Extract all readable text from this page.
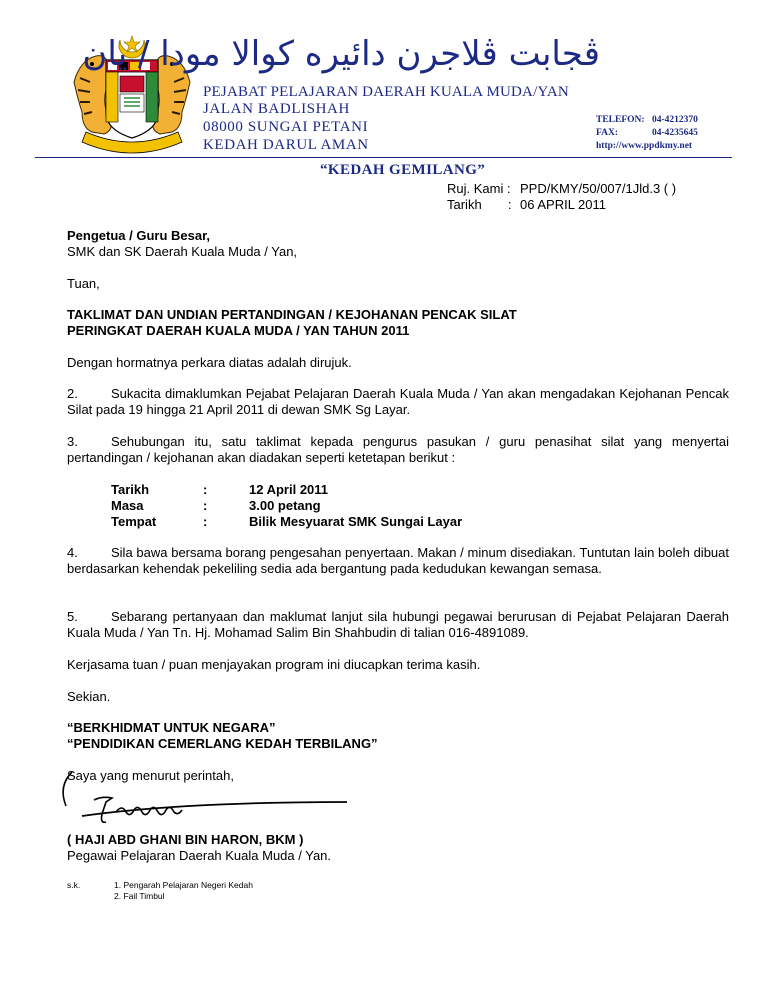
ڤجابت ڤلاجرن دائيره كوالا مودا / يان
PEJABAT PELAJARAN DAERAH KUALA MUDA/YAN
JALAN BADLISHAH
08000 SUNGAI PETANI
KEDAH DARUL AMAN
TELEFON: 04-4212370
FAX:	04-4235645
http://www.ppdkmy.net
“KEDAH GEMILANG”
Ruj. Kami : PPD/KMY/50/007/1Jld.3 ( )
Tarikh : 06 APRIL 2011
Pengetua / Guru Besar,
SMK dan SK Daerah Kuala Muda / Yan,
Tuan,
TAKLIMAT DAN UNDIAN PERTANDINGAN / KEJOHANAN PENCAK SILAT
PERINGKAT DAERAH KUALA MUDA / YAN TAHUN 2011
Dengan hormatnya perkara diatas adalah dirujuk.
2.	Sukacita dimaklumkan Pejabat Pelajaran Daerah Kuala Muda / Yan akan mengadakan Kejohanan Pencak Silat pada 19 hingga 21 April 2011 di dewan SMK Sg Layar.
3.	Sehubungan itu, satu taklimat kepada pengurus pasukan / guru penasihat silat yang menyertai pertandingan / kejohanan akan diadakan seperti ketetapan berikut :
Tarikh	:	12 April 2011
Masa	:	3.00 petang
Tempat	:	Bilik Mesyuarat SMK Sungai Layar
4.	Sila bawa bersama borang pengesahan penyertaan. Makan / minum disediakan. Tuntutan lain boleh dibuat berdasarkan kehendak pekeliling sedia ada bergantung pada kedudukan kewangan semasa.
5.	Sebarang pertanyaan dan maklumat lanjut sila hubungi pegawai berurusan di Pejabat Pelajaran Daerah Kuala Muda / Yan Tn. Hj. Mohamad Salim Bin Shahbudin di talian 016-4891089.
Kerjasama tuan / puan menjayakan program ini diucapkan terima kasih.
Sekian.
“BERKHIDMAT UNTUK NEGARA”
“PENDIDIKAN CEMERLANG KEDAH TERBILANG”
Saya yang menurut perintah,
( HAJI ABD GHANI BIN HARON, BKM )
Pegawai Pelajaran Daerah Kuala Muda / Yan.
s.k.	1. Pengarah Pelajaran Negeri Kedah
2. Fail Timbul
